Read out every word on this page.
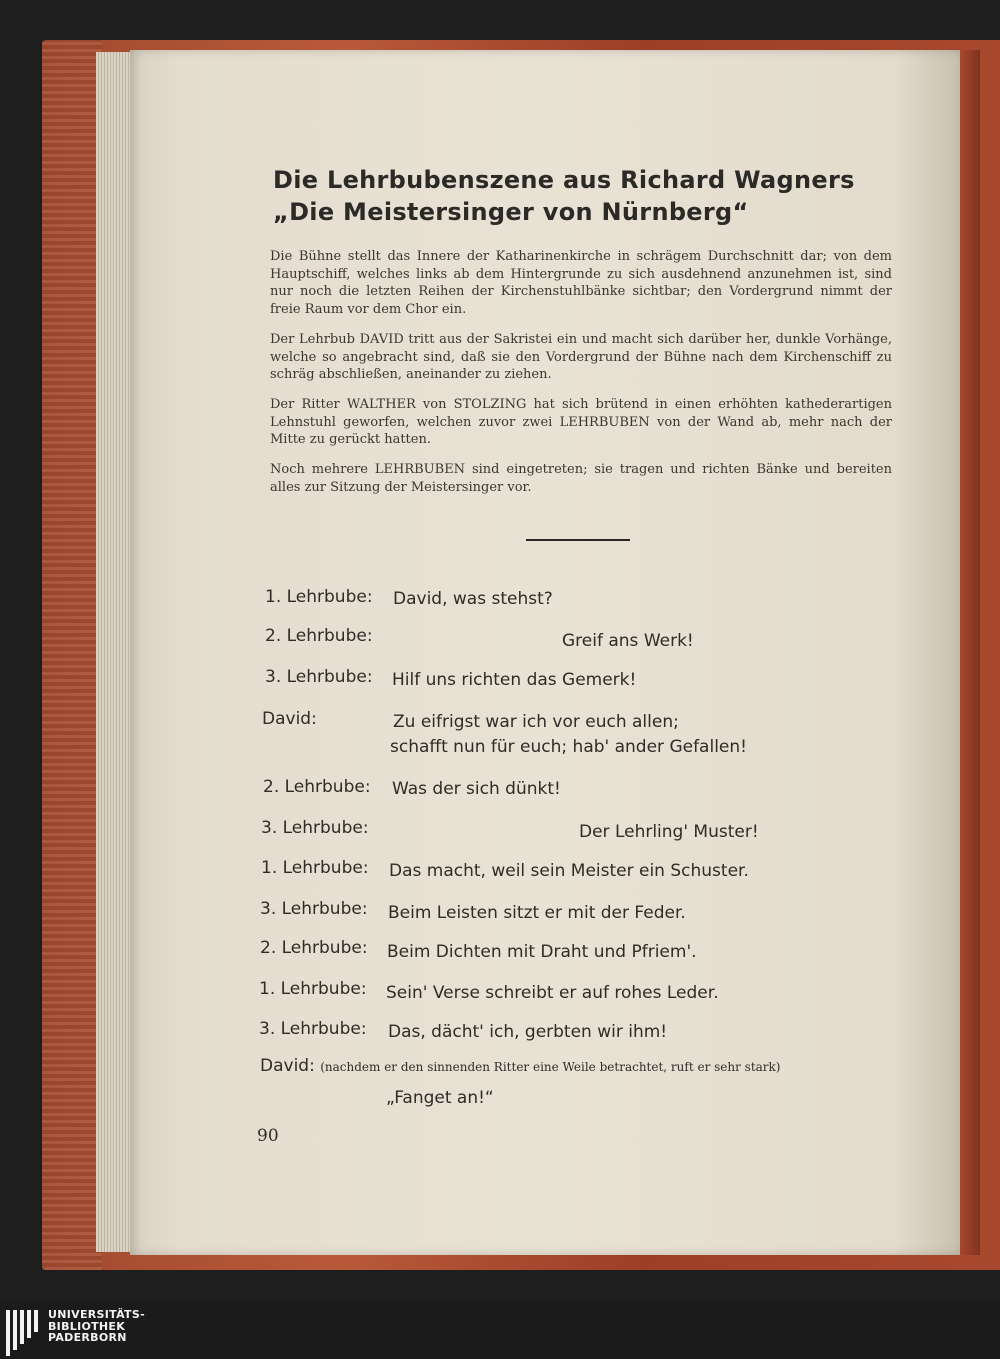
Die Lehrbubenszene aus Richard Wagners
„Die Meistersinger von Nürnberg“
Die Bühne stellt das Innere der Katharinenkirche in schrägem Durchschnitt dar; von dem Hauptschiff, welches links ab dem Hintergrunde zu sich ausdehnend anzunehmen ist, sind nur noch die letzten Reihen der Kirchenstuhlbänke sichtbar; den Vordergrund nimmt der freie Raum vor dem Chor ein.
Der Lehrbub DAVID tritt aus der Sakristei ein und macht sich darüber her, dunkle Vorhänge, welche so angebracht sind, daß sie den Vordergrund der Bühne nach dem Kirchenschiff zu schräg abschließen, aneinander zu ziehen.
Der Ritter WALTHER von STOLZING hat sich brütend in einen erhöhten kathederartigen Lehnstuhl geworfen, welchen zuvor zwei LEHRBUBEN von der Wand ab, mehr nach der Mitte zu gerückt hatten.
Noch mehrere LEHRBUBEN sind eingetreten; sie tragen und richten Bänke und bereiten alles zur Sitzung der Meistersinger vor.
1. Lehrbube: David, was stehst?
2. Lehrbube:	Greif ans Werk!
3. Lehrbube: Hilf uns richten das Gemerk!
David:	Zu eifrigst war ich vor euch allen;
schafft nun für euch; hab' ander Gefallen!
2. Lehrbube: Was der sich dünkt!
3. Lehrbube:	Der Lehrling' Muster!
1. Lehrbube: Das macht, weil sein Meister ein Schuster.
3. Lehrbube: Beim Leisten sitzt er mit der Feder.
2. Lehrbube: Beim Dichten mit Draht und Pfriem'.
1. Lehrbube: Sein' Verse schreibt er auf rohes Leder.
3. Lehrbube: Das, dächt' ich, gerbten wir ihm!
David: (nachdem er den sinnenden Ritter eine Weile betrachtet, ruft er sehr stark)
„Fanget an!“
90
UNIVERSITÄTS-
BIBLIOTHEK
PADERBORN
